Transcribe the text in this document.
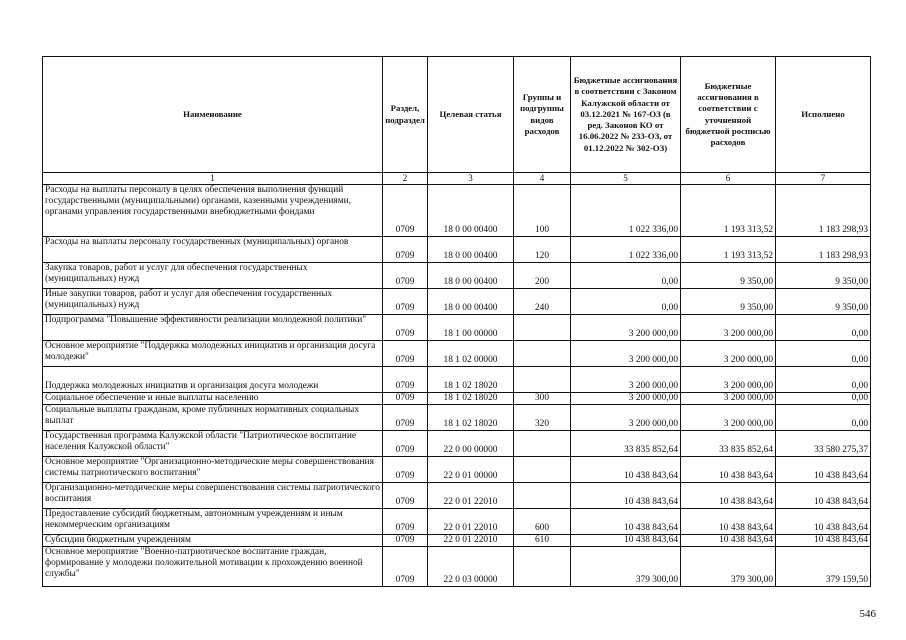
Наименование	Раздел, подраздел	Целевая статья	Группы и подгруппы видов расходов	Бюджетные ассигнования в соответствии с Законом Калужской области от 03.12.2021 № 167-ОЗ (в ред. Законов КО от 16.06.2022 № 233-ОЗ, от 01.12.2022 № 302-ОЗ)	Бюджетные ассигнования в соответствии с уточненной бюджетной росписью расходов	Исполнено
1	2	3	4	5	6	7
Расходы на выплаты персоналу в целях обеспечения выполнения функций государственными (муниципальными) органами, казенными учреждениями, органами управления государственными внебюджетными фондами	0709	18 0 00 00400	100	1 022 336,00	1 193 313,52	1 183 298,93
Расходы на выплаты персоналу государственных (муниципальных) органов	0709	18 0 00 00400	120	1 022 336,00	1 193 313,52	1 183 298,93
Закупка товаров, работ и услуг для обеспечения государственных (муниципальных) нужд	0709	18 0 00 00400	200	0,00	9 350,00	9 350,00
Иные закупки товаров, работ и услуг для обеспечения государственных (муниципальных) нужд	0709	18 0 00 00400	240	0,00	9 350,00	9 350,00
Подпрограмма "Повышение эффективности реализации молодежной политики"	0709	18 1 00 00000		3 200 000,00	3 200 000,00	0,00
Основное мероприятие "Поддержка молодежных инициатив и организация досуга молодежи"	0709	18 1 02 00000		3 200 000,00	3 200 000,00	0,00
Поддержка молодежных инициатив и организация досуга молодежи	0709	18 1 02 18020		3 200 000,00	3 200 000,00	0,00
Социальное обеспечение и иные выплаты населению	0709	18 1 02 18020	300	3 200 000,00	3 200 000,00	0,00
Социальные выплаты гражданам, кроме публичных нормативных социальных выплат	0709	18 1 02 18020	320	3 200 000,00	3 200 000,00	0,00
Государственная программа Калужской области "Патриотическое воспитание населения Калужской области"	0709	22 0 00 00000		33 835 852,64	33 835 852,64	33 580 275,37
Основное мероприятие "Организационно-методические меры совершенствования системы патриотического воспитания"	0709	22 0 01 00000		10 438 843,64	10 438 843,64	10 438 843,64
Организационно-методические меры совершенствования системы патриотического воспитания	0709	22 0 01 22010		10 438 843,64	10 438 843,64	10 438 843,64
Предоставление субсидий бюджетным, автономным учреждениям и иным некоммерческим организациям	0709	22 0 01 22010	600	10 438 843,64	10 438 843,64	10 438 843,64
Субсидии бюджетным учреждениям	0709	22 0 01 22010	610	10 438 843,64	10 438 843,64	10 438 843,64
Основное мероприятие "Военно-патриотическое воспитание граждан, формирование у молодежи положительной мотивации к прохождению военной службы"	0709	22 0 03 00000		379 300,00	379 300,00	379 159,50
546
